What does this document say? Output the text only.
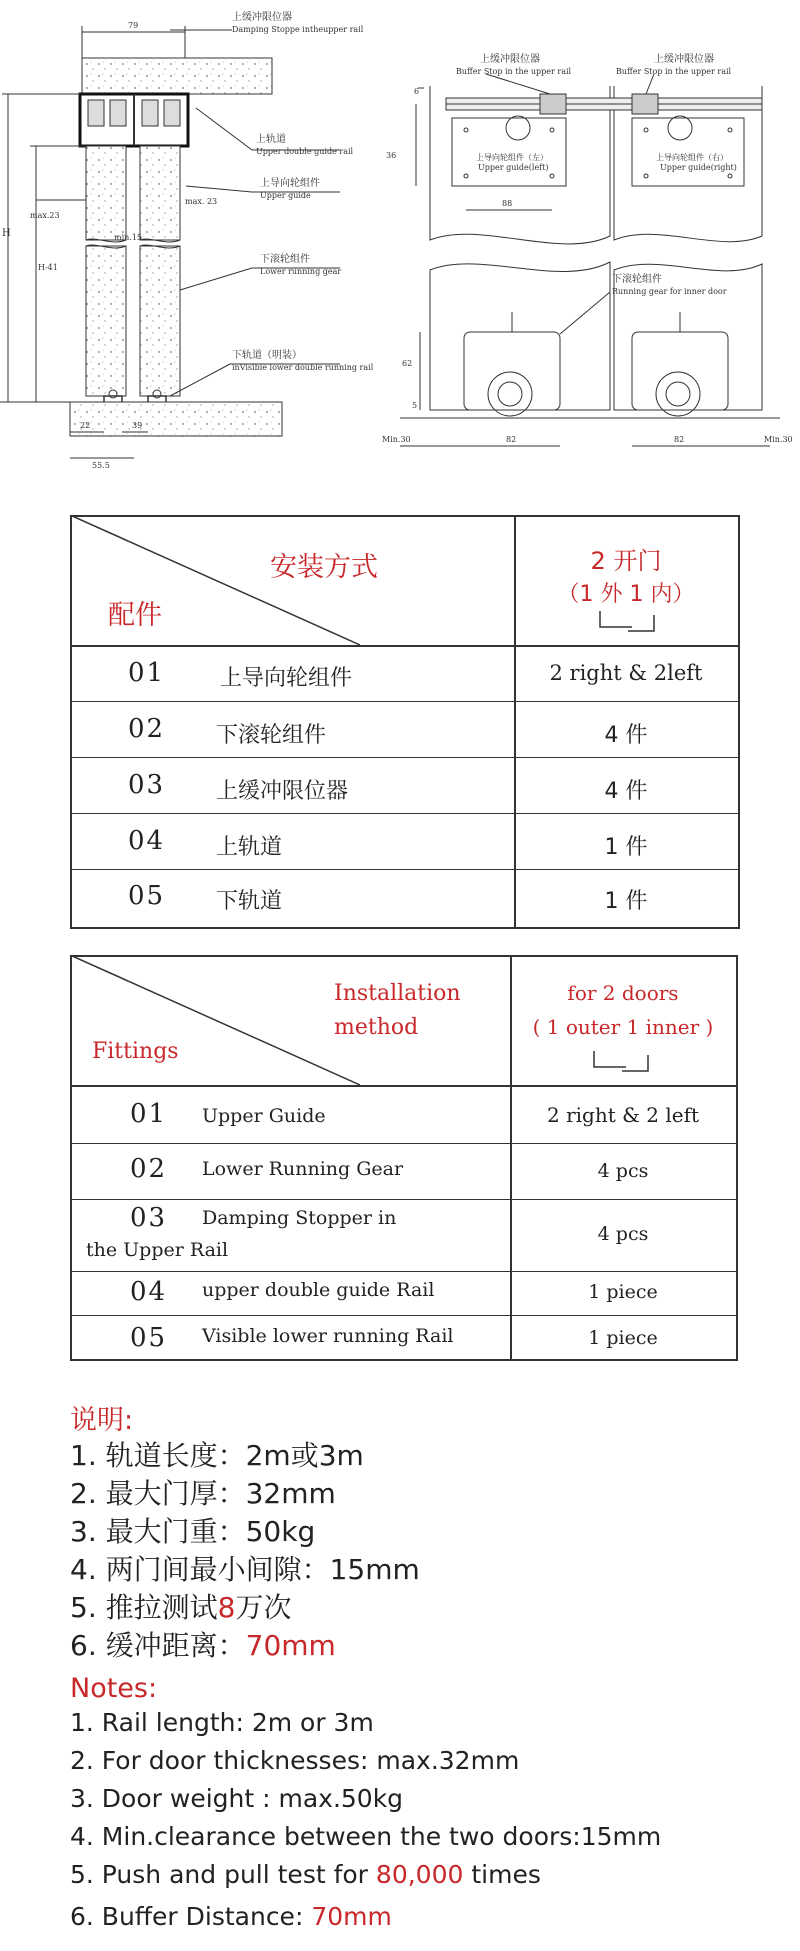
79
上缓冲限位器
Damping Stoppe intheupper rail
上轨道
Upper double guide rail
上导向轮组件
Upper guide
下滚轮组件
Lower running gear
下轨道（明装）
inVisible lower double running rail
max.23
max. 23
min.15
H
H-41
22	39
55.5
6
36
88
62
5
82	82
Min.30	Min.30
上缓冲限位器
Buffer Stop in the upper rail
上缓冲限位器
Buffer Stop in the upper rail
上导向轮组件（左）
Upper guide(left)
上导向轮组件（右）
Upper guide(right)
下滚轮组件
Running gear for inner door
安装方式
配件
2 开门
（1 外 1 内）
01 上导向轮组件	2 right & 2left
02 下滚轮组件	4 件
03 上缓冲限位器	4 件
04 上轨道	1 件
05 下轨道	1 件
Installation
method
Fittings
for 2 doors
( 1 outer 1 inner )
01 Upper Guide	2 right & 2 left
02 Lower Running Gear	4 pcs
03 Damping Stopper in
the Upper Rail
4 pcs
04 upper double guide Rail	1 piece
05 Visible lower running Rail	1 piece
说明:
1. 轨道长度：2m或3m
2. 最大门厚：32mm
3. 最大门重：50kg
4. 两门间最小间隙：15mm
5. 推拉测试8万次
6. 缓冲距离：70mm
Notes:
1. Rail length: 2m or 3m
2. For door thicknesses: max.32mm
3. Door weight : max.50kg
4. Min.clearance between the two doors:15mm
5. Push and pull test for 80,000 times
6. Buffer Distance: 70mm
